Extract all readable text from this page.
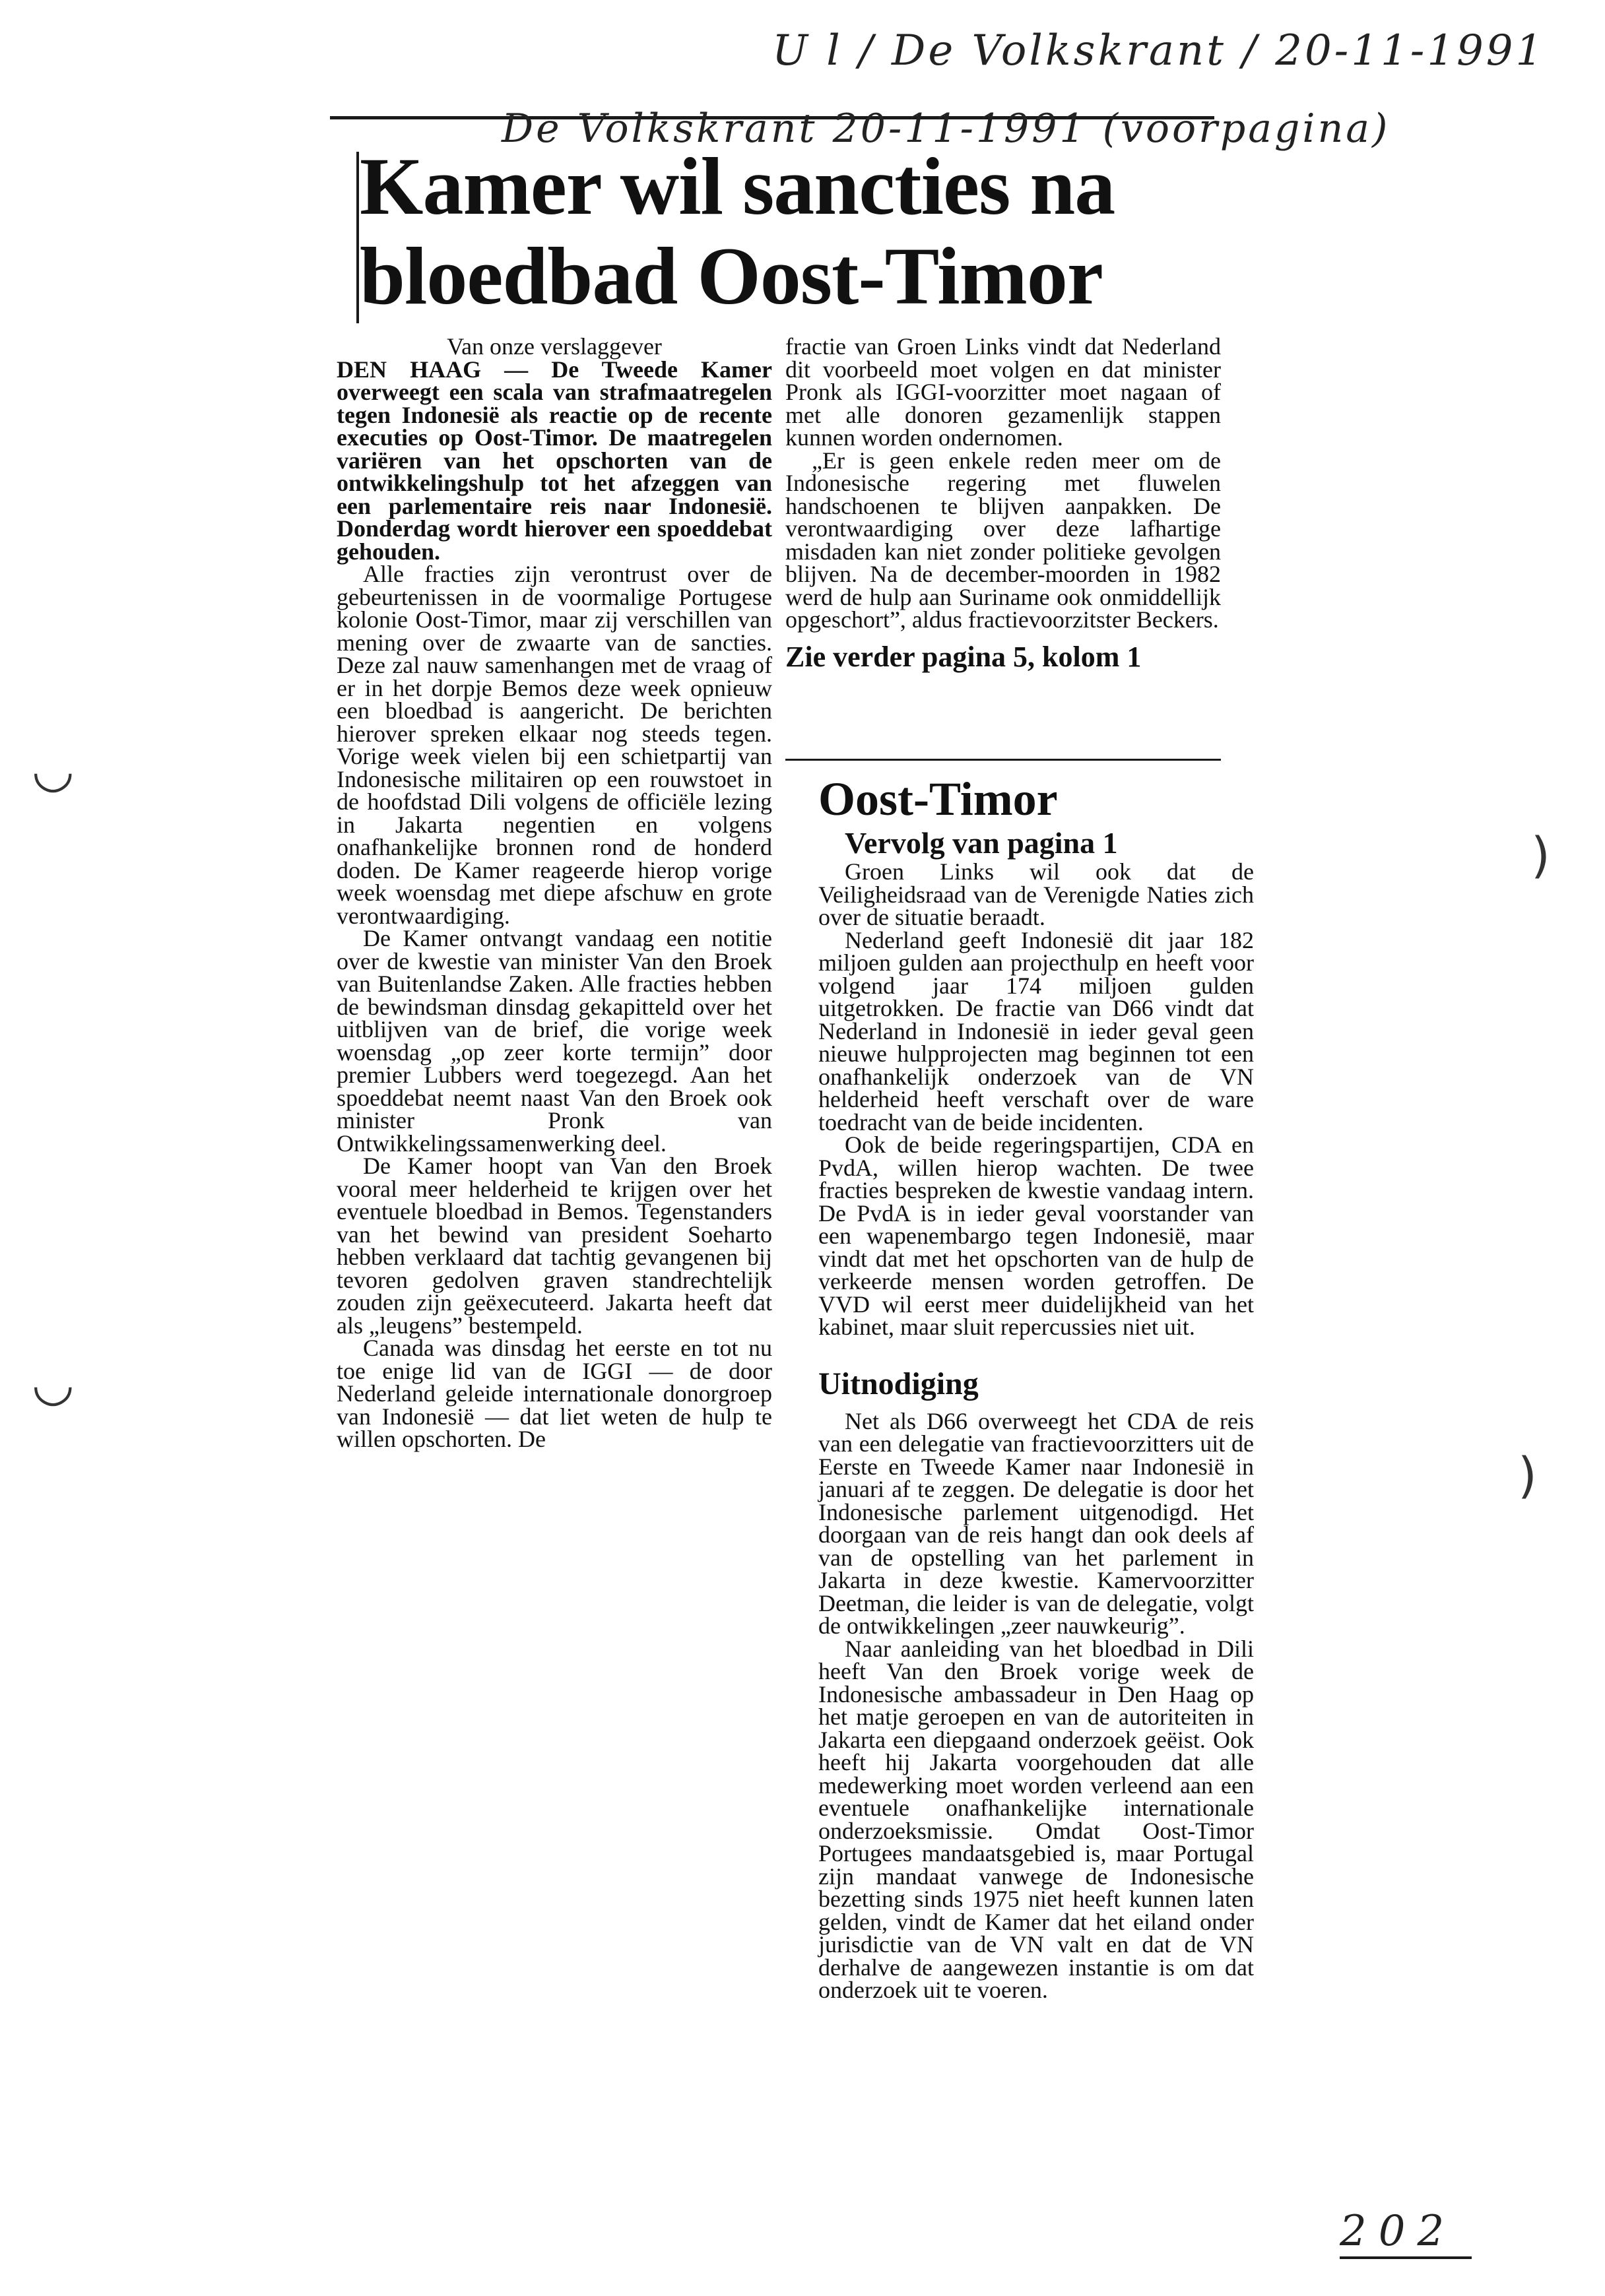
U l / De Volkskrant / 20-11-1991
De Volkskrant 20-11-1991 (voorpagina)
Kamer wil sancties na bloedbad Oost-Timor

Van onze verslaggever

DEN HAAG — De Tweede Kamer overweegt een scala van strafmaatregelen tegen Indonesië als reactie op de recente executies op Oost-Timor. De maatregelen variëren van het opschorten van de ontwikkelingshulp tot het afzeggen van een parlementaire reis naar Indonesië. Donderdag wordt hierover een spoeddebat gehouden.

Alle fracties zijn verontrust over de gebeurtenissen in de voormalige Portugese kolonie Oost-Timor, maar zij verschillen van mening over de zwaarte van de sancties. Deze zal nauw samenhangen met de vraag of er in het dorpje Bemos deze week opnieuw een bloedbad is aangericht. De berichten hierover spreken elkaar nog steeds tegen. Vorige week vielen bij een schietpartij van Indonesische militairen op een rouwstoet in de hoofdstad Dili volgens de officiële lezing in Jakarta negentien en volgens onafhankelijke bronnen rond de honderd doden. De Kamer reageerde hierop vorige week woensdag met diepe afschuw en grote verontwaardiging.

De Kamer ontvangt vandaag een notitie over de kwestie van minister Van den Broek van Buitenlandse Zaken. Alle fracties hebben de bewindsman dinsdag gekapitteld over het uitblijven van de brief, die vorige week woensdag „op zeer korte termijn” door premier Lubbers werd toegezegd. Aan het spoeddebat neemt naast Van den Broek ook minister Pronk van Ontwikkelingssamenwerking deel.

De Kamer hoopt van Van den Broek vooral meer helderheid te krijgen over het eventuele bloedbad in Bemos. Tegenstanders van het bewind van president Soeharto hebben verklaard dat tachtig gevangenen bij tevoren gedolven graven standrechtelijk zouden zijn geëxecuteerd. Jakarta heeft dat als „leugens” bestempeld.

Canada was dinsdag het eerste en tot nu toe enige lid van de IGGI — de door Nederland geleide internationale donorgroep van Indonesië — dat liet weten de hulp te willen opschorten. De

fractie van Groen Links vindt dat Nederland dit voorbeeld moet volgen en dat minister Pronk als IGGI-voorzitter moet nagaan of met alle donoren gezamenlijk stappen kunnen worden ondernomen.

„Er is geen enkele reden meer om de Indonesische regering met fluwelen handschoenen te blijven aanpakken. De verontwaardiging over deze lafhartige misdaden kan niet zonder politieke gevolgen blijven. Na de december-moorden in 1982 werd de hulp aan Suriname ook onmiddellijk opgeschort”, aldus fractievoorzitster Beckers.

Zie verder pagina 5, kolom 1

Oost-Timor

Vervolg van pagina 1

Groen Links wil ook dat de Veiligheidsraad van de Verenigde Naties zich over de situatie beraadt.

Nederland geeft Indonesië dit jaar 182 miljoen gulden aan projecthulp en heeft voor volgend jaar 174 miljoen gulden uitgetrokken. De fractie van D66 vindt dat Nederland in Indonesië in ieder geval geen nieuwe hulpprojecten mag beginnen tot een onafhankelijk onderzoek van de VN helderheid heeft verschaft over de ware toedracht van de beide incidenten.

Ook de beide regeringspartijen, CDA en PvdA, willen hierop wachten. De twee fracties bespreken de kwestie vandaag intern. De PvdA is in ieder geval voorstander van een wapenembargo tegen Indonesië, maar vindt dat met het opschorten van de hulp de verkeerde mensen worden getroffen. De VVD wil eerst meer duidelijkheid van het kabinet, maar sluit repercussies niet uit.

Uitnodiging

Net als D66 overweegt het CDA de reis van een delegatie van fractievoorzitters uit de Eerste en Tweede Kamer naar Indonesië in januari af te zeggen. De delegatie is door het Indonesische parlement uitgenodigd. Het doorgaan van de reis hangt dan ook deels af van de opstelling van het parlement in Jakarta in deze kwestie. Kamervoorzitter Deetman, die leider is van de delegatie, volgt de ontwikkelingen „zeer nauwkeurig”.

Naar aanleiding van het bloedbad in Dili heeft Van den Broek vorige week de Indonesische ambassadeur in Den Haag op het matje geroepen en van de autoriteiten in Jakarta een diepgaand onderzoek geëist. Ook heeft hij Jakarta voorgehouden dat alle medewerking moet worden verleend aan een eventuele onafhankelijke internationale onderzoeksmissie. Omdat Oost-Timor Portugees mandaatsgebied is, maar Portugal zijn mandaat vanwege de Indonesische bezetting sinds 1975 niet heeft kunnen laten gelden, vindt de Kamer dat het eiland onder jurisdictie van de VN valt en dat de VN derhalve de aangewezen instantie is om dat onderzoek uit te voeren.

◡
◡
)
)
202
